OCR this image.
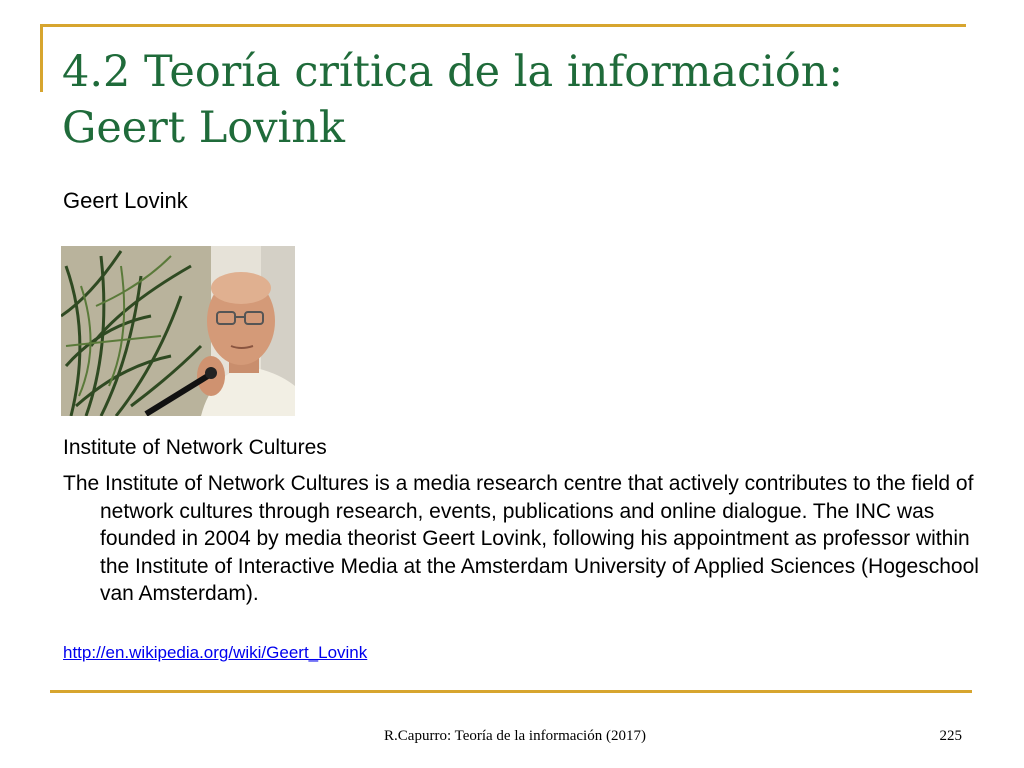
4.2 Teoría crítica de la información: Geert Lovink
Geert Lovink
Institute of Network Cultures

The Institute of Network Cultures is a media research centre that actively contributes to the field of network cultures through research, events, publications and online dialogue. The INC was founded in 2004 by media theorist Geert Lovink, following his appointment as professor within the Institute of Interactive Media at the Amsterdam University of Applied Sciences (Hogeschool van Amsterdam).

http://en.wikipedia.org/wiki/Geert_Lovink
R.Capurro: Teoría de la información (2017)	225
